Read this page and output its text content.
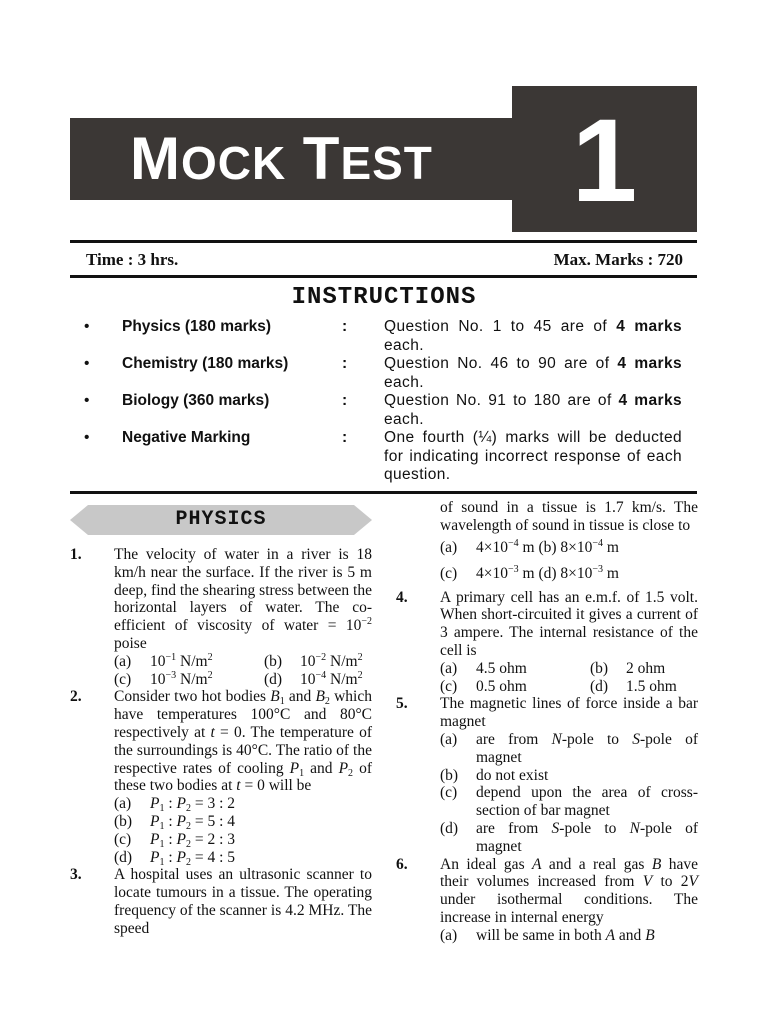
MOCK TEST	1
Time : 3 hrs.	Max. Marks : 720
INSTRUCTIONS
• Physics (180 marks)	: Question No. 1 to 45 are of 4 marks each.
• Chemistry (180 marks)	: Question No. 46 to 90 are of 4 marks each.
• Biology (360 marks)	: Question No. 91 to 180 are of 4 marks each.
• Negative Marking	: One fourth (¼) marks will be deducted for indicating incorrect response of each question.
PHYSICS
1. The velocity of water in a river is 18 km/h near the surface. If the river is 5 m deep, find the shearing stress between the horizontal layers of water. The co-efficient of viscosity of water = $10^{-2}$ poise
(a) $10^{-1}$ $N/m^2$	(b) $10^{-2}$ $N/m^2$
(c) $10^{-3}$ $N/m^2$	(d) $10^{-4}$ $N/m^2$
2. Consider two hot bodies $B_1$ and $B_2$ which have temperatures 100°C and 80°C respectively at t = 0. The temperature of the surroundings is 40°C. The ratio of the respective rates of cooling $P_1$ and $P_2$ of these two bodies at t = 0 will be
(a) $P_1$ : $P_2 = 3$ : 2
(b) $P_1$ : $P_2 = 5$ : 4
(c) $P_1$ : $P_2 = 2$ : 3
(d) $P_1$ : $P_2 = 4$ : 5
3. A hospital uses an ultrasonic scanner to locate tumours in a tissue. The operating frequency of the scanner is 4.2 MHz. The speed
of sound in a tissue is 1.7 km/s. The wavelength of sound in tissue is close to
(a) $4\times 10^{-4}$ m (b) $8\times 10^{-4}$ m
(c) $4\times 10^{-3}$ m (d) $8\times 10^{-3}$ m
4. A primary cell has an e.m.f. of 1.5 volt. When short-circuited it gives a current of 3 ampere. The internal resistance of the cell is
(a) 4.5 ohm	(b) 2 ohm
(c) 0.5 ohm	(d) 1.5 ohm
5. The magnetic lines of force inside a bar magnet
(a) are from N-pole to S-pole of magnet
(b) do not exist
(c) depend upon the area of cross-section of bar magnet
(d) are from S-pole to N-pole of magnet
6. An ideal gas A and a real gas B have their volumes increased from V to 2V under isothermal conditions. The increase in internal energy
(a) will be same in both A and B
